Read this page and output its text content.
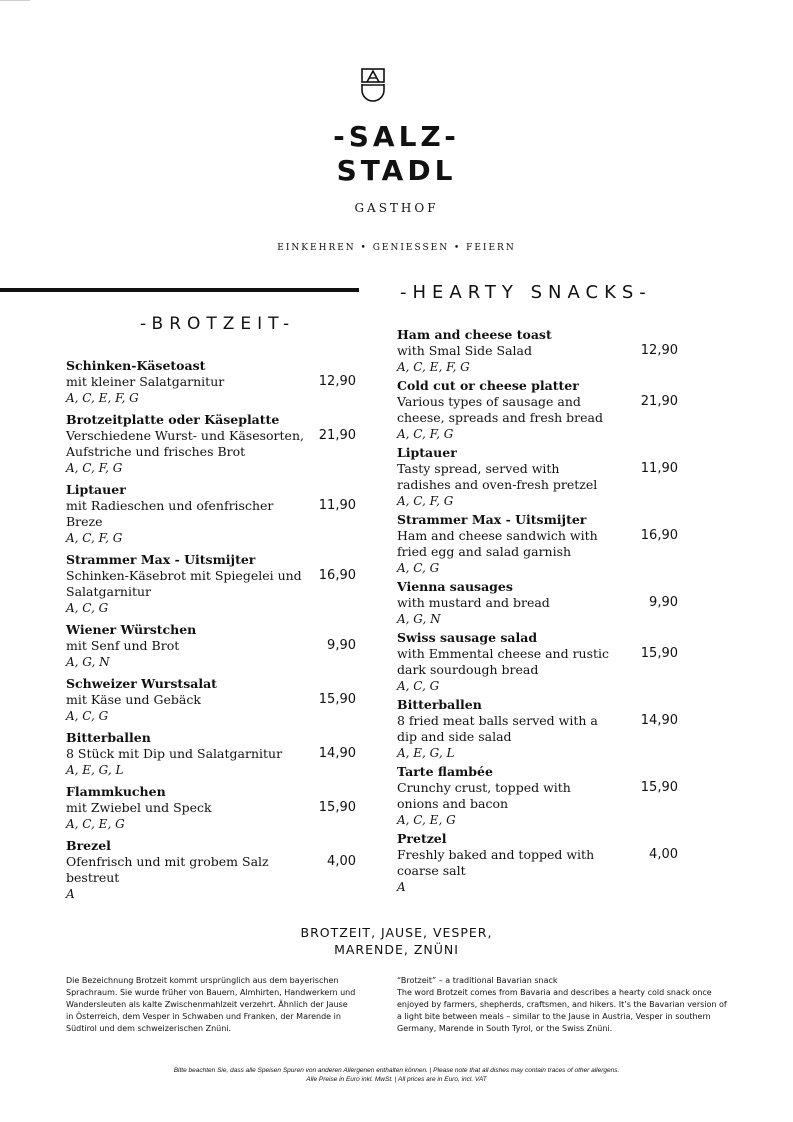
-SALZ-
STADL
GASTHOF
EINKEHREN • GENIESSEN • FEIERN
-BROTZEIT-
-HEARTY SNACKS-
Schinken-Käsetoast
mit kleiner Salatgarnitur
A, C, E, F, G
12,90
Brotzeitplatte oder Käseplatte
Verschiedene Wurst- und Käsesorten, Aufstriche und frisches Brot
A, C, F, G
21,90
Liptauer
mit Radieschen und ofenfrischer Breze
A, C, F, G
11,90
Strammer Max - Uitsmijter
Schinken-Käsebrot mit Spiegelei und Salatgarnitur
A, C, G
16,90
Wiener Würstchen
mit Senf und Brot
A, G, N
9,90
Schweizer Wurstsalat
mit Käse und Gebäck
A, C, G
15,90
Bitterballen
8 Stück mit Dip und Salatgarnitur
A, E, G, L
14,90
Flammkuchen
mit Zwiebel und Speck
A, C, E, G
15,90
Brezel
Ofenfrisch und mit grobem Salz bestreut
A
4,00
Ham and cheese toast
with Smal Side Salad
A, C, E, F, G
12,90
Cold cut or cheese platter
Various types of sausage and cheese, spreads and fresh bread
A, C, F, G
21,90
Liptauer
Tasty spread, served with radishes and oven-fresh pretzel
A, C, F, G
11,90
Strammer Max - Uitsmijter
Ham and cheese sandwich with fried egg and salad garnish
A, C, G
16,90
Vienna sausages
with mustard and bread
A, G, N
9,90
Swiss sausage salad
with Emmental cheese and rustic dark sourdough bread
A, C, G
15,90
Bitterballen
8 fried meat balls served with a dip and side salad
A, E, G, L
14,90
Tarte flambée
Crunchy crust, topped with onions and bacon
A, C, E, G
15,90
Pretzel
Freshly baked and topped with coarse salt
A
4,00
BROTZEIT, JAUSE, VESPER,
MARENDE, ZNÜNI
Die Bezeichnung Brotzeit kommt ursprünglich aus dem bayerischen Sprachraum. Sie wurde früher von Bauern, Almhirten, Handwerkern und Wandersleuten als kalte Zwischenmahlzeit verzehrt. Ähnlich der Jause in Österreich, dem Vesper in Schwaben und Franken, der Marende in Südtirol und dem schweizerischen Znüni.
“Brotzeit” – a traditional Bavarian snack
The word Brotzeit comes from Bavaria and describes a hearty cold snack once enjoyed by farmers, shepherds, craftsmen, and hikers. It’s the Bavarian version of a light bite between meals – similar to the Jause in Austria, Vesper in southern Germany, Marende in South Tyrol, or the Swiss Znüni.
Bitte beachten Sie, dass alle Speisen Spuren von anderen Allergenen enthalten können. | Please note that all dishes may contain traces of other allergens.
Alle Preise in Euro inkl. MwSt. | All prices are in Euro, incl. VAT
